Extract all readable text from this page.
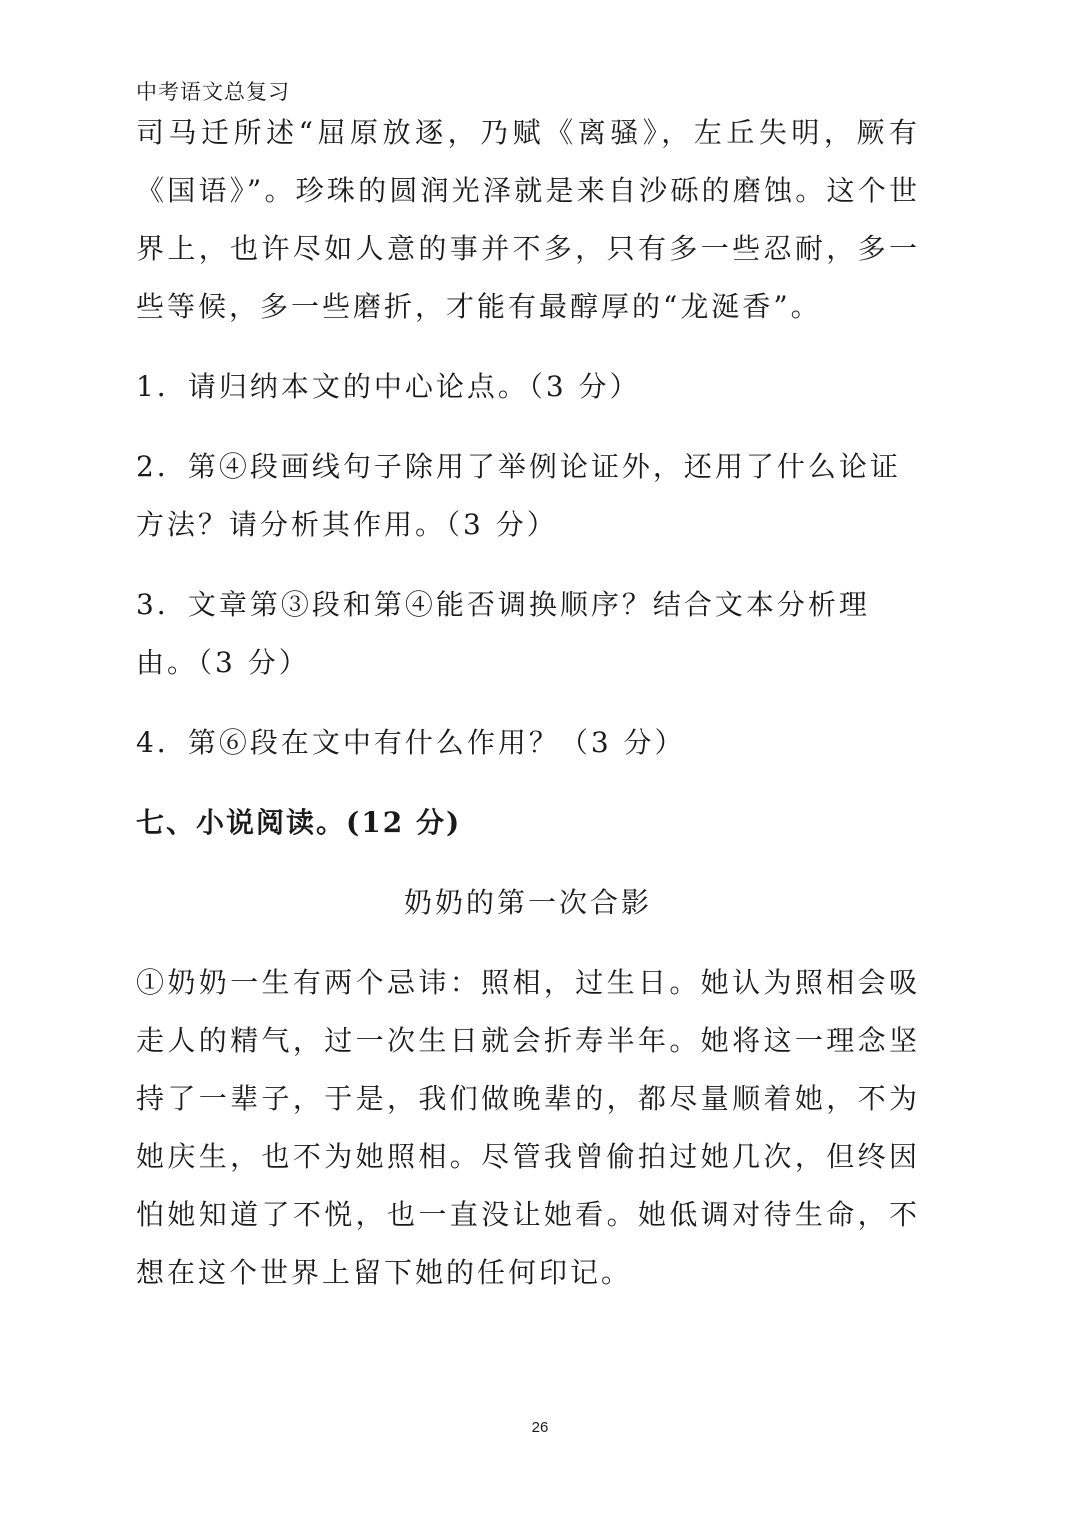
中考语文总复习

司马迁所述“屈原放逐，乃赋《离骚》，左丘失明，厥有《国语》”。珍珠的圆润光泽就是来自沙砾的磨蚀。这个世界上，也许尽如人意的事并不多，只有多一些忍耐，多一些等候，多一些磨折，才能有最醇厚的“龙涎香”。

1．请归纳本文的中心论点。（3 分）

2．第④段画线句子除用了举例论证外，还用了什么论证方法？请分析其作用。（3 分）

3．文章第③段和第④能否调换顺序？结合文本分析理由。（3 分）

4．第⑥段在文中有什么作用？（3 分）

七、小说阅读。(12 分)

奶奶的第一次合影

①奶奶一生有两个忌讳：照相，过生日。她认为照相会吸走人的精气，过一次生日就会折寿半年。她将这一理念坚持了一辈子，于是，我们做晚辈的，都尽量顺着她，不为她庆生，也不为她照相。尽管我曾偷拍过她几次，但终因怕她知道了不悦，也一直没让她看。她低调对待生命，不想在这个世界上留下她的任何印记。

26
